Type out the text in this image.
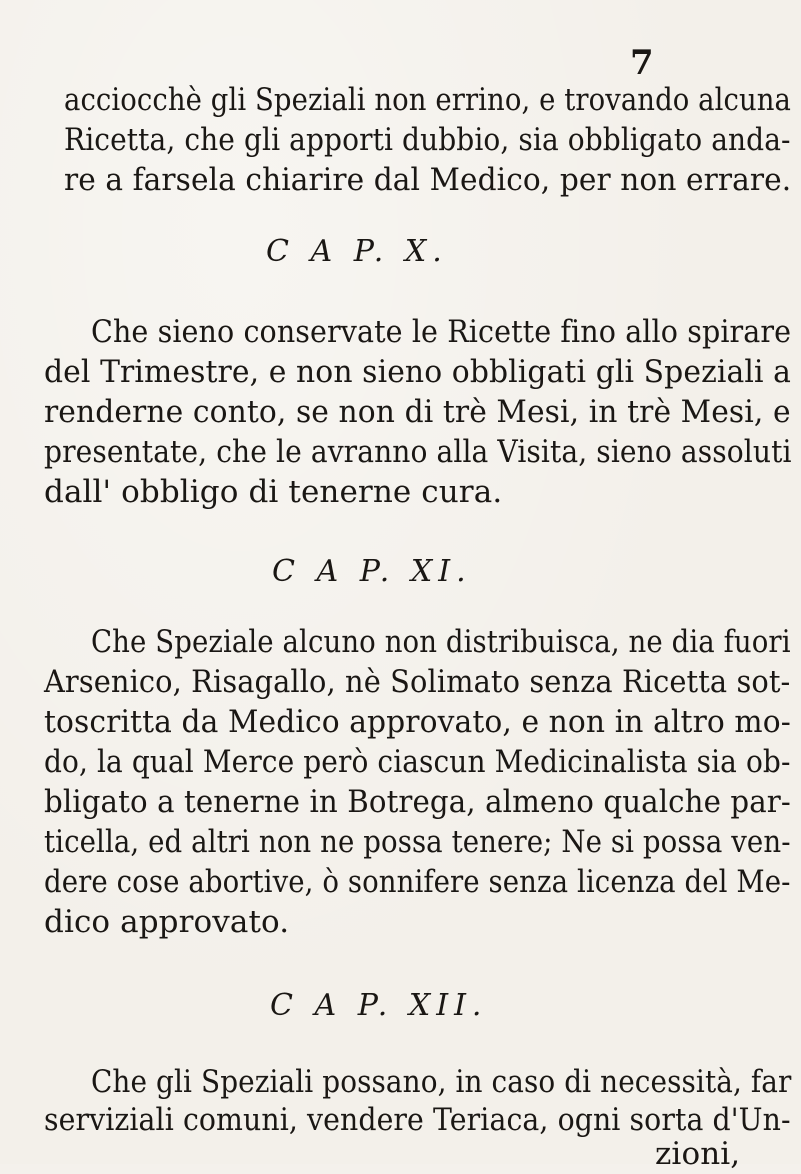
7
acciocchè gli Speziali non errino, e trovando alcuna
Ricetta, che gli apporti dubbio, sia obbligato anda-
re a farsela chiarire dal Medico, per non errare.
C A P. X.
Che sieno conservate le Ricette fino allo spirare
del Trimestre, e non sieno obbligati gli Speziali a
renderne conto, se non di trè Mesi, in trè Mesi, e
presentate, che le avranno alla Visita, sieno assoluti
dall' obbligo di tenerne cura.
C A P. XI.
Che Speziale alcuno non distribuisca, ne dia fuori
Arsenico, Risagallo, nè Solimato senza Ricetta sot-
toscritta da Medico approvato, e non in altro mo-
do, la qual Merce però ciascun Medicinalista sia ob-
bligato a tenerne in Botrega, almeno qualche par-
ticella, ed altri non ne possa tenere; Ne si possa ven-
dere cose abortive, ò sonnifere senza licenza del Me-
dico approvato.
C A P. XII.
Che gli Speziali possano, in caso di necessità, far
serviziali comuni, vendere Teriaca, ogni sorta d'Un-
zioni,
